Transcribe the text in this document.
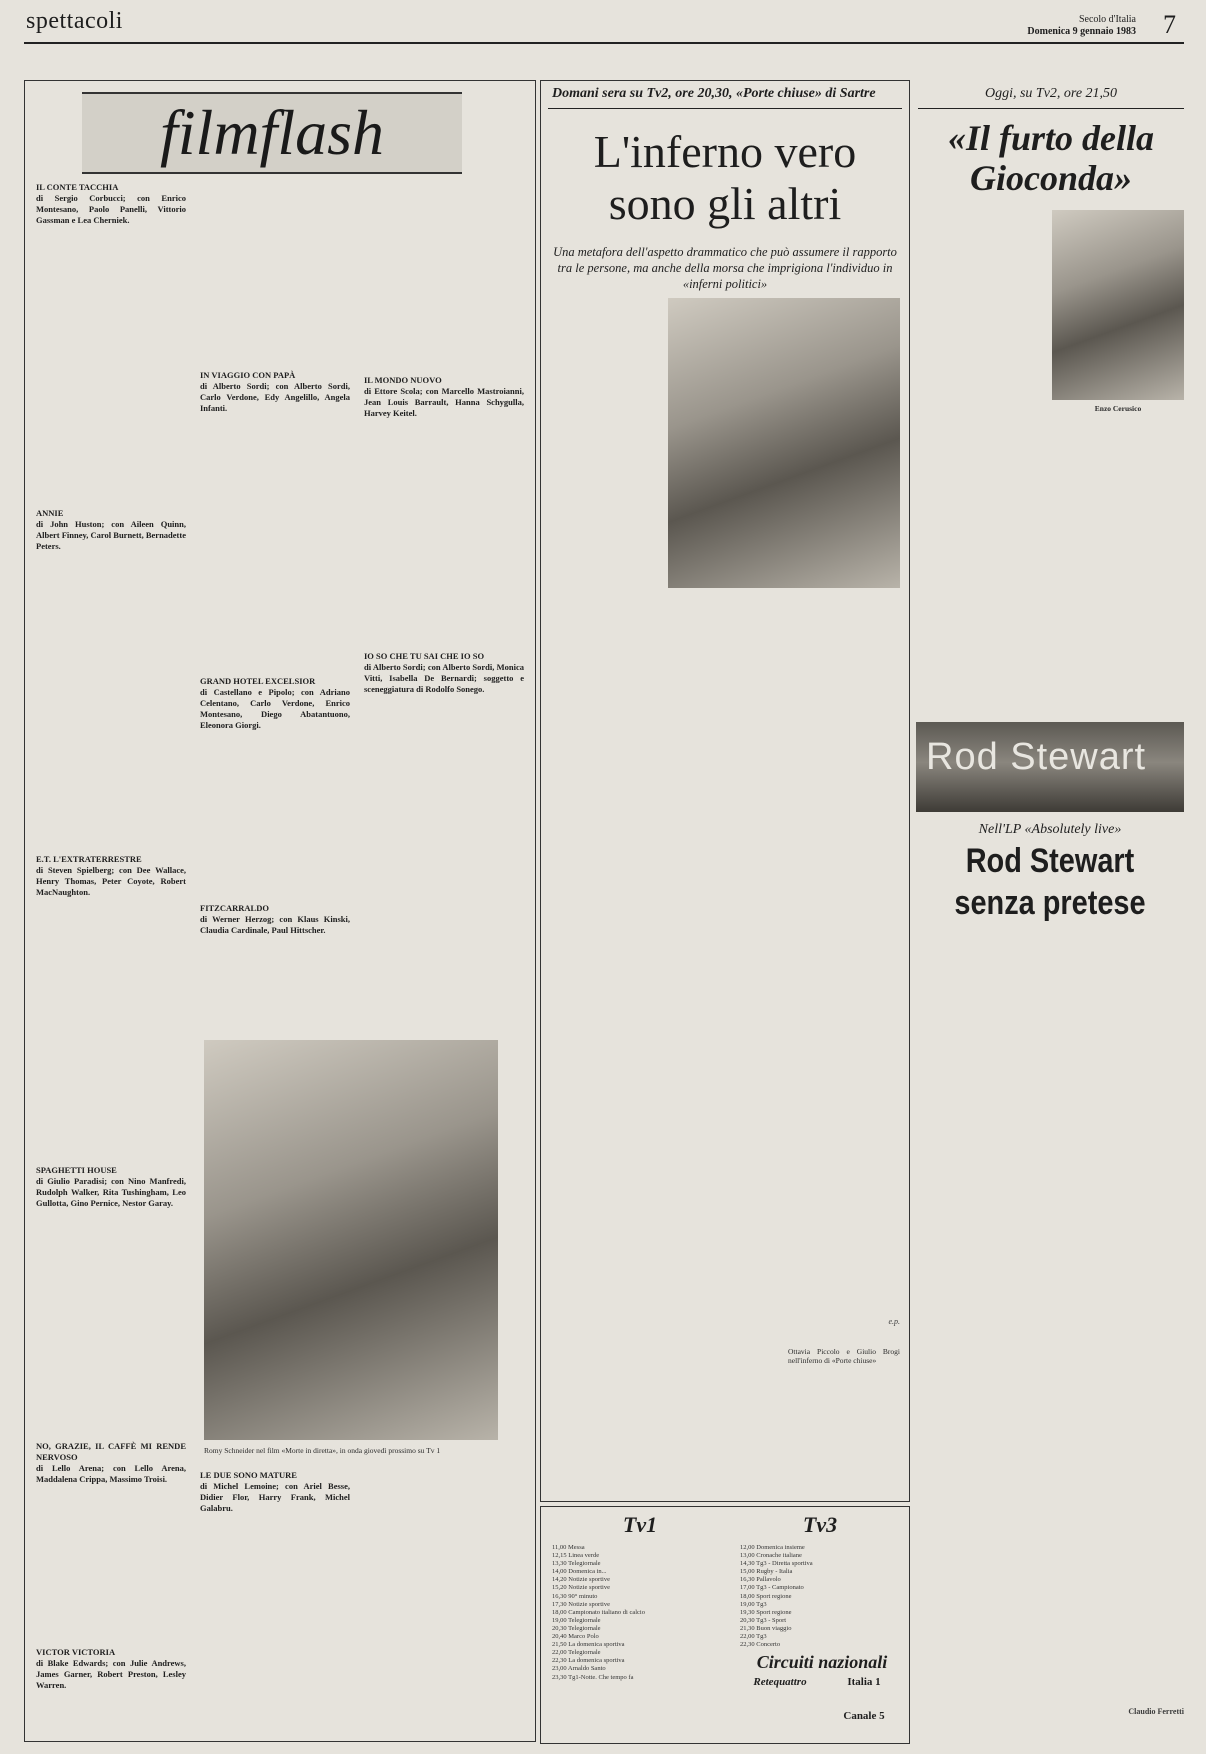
spettacoli	Secolo d'Italia
Domenica 9 gennaio 1983 7
filmflash

IL CONTE TACCHIA
di Sergio Corbucci; con Enrico Montesano, Paolo Panelli, Vittorio Gassman e Lea Cherniek.

ANNIE
di John Huston; con Aileen Quinn, Albert Finney, Carol Burnett, Bernadette Peters.

E.T. L'EXTRATERRESTRE
di Steven Spielberg; con Dee Wallace, Henry Thomas, Peter Coyote, Robert MacNaughton.

SPAGHETTI HOUSE
di Giulio Paradisi; con Nino Manfredi, Rudolph Walker, Rita Tushingham, Leo Gullotta, Gino Pernice, Nestor Garay.

NO, GRAZIE, IL CAFFÈ MI RENDE NERVOSO
di Lello Arena; con Lello Arena, Maddalena Crippa, Massimo Troisi.

VICTOR VICTORIA
di Blake Edwards; con Julie Andrews, James Garner, Robert Preston, Lesley Warren.

IN VIAGGIO CON PAPÀ
di Alberto Sordi; con Alberto Sordi, Carlo Verdone, Edy Angelillo, Angela Infanti.

GRAND HOTEL EXCELSIOR
di Castellano e Pipolo; con Adriano Celentano, Carlo Verdone, Enrico Montesano, Diego Abatantuono, Eleonora Giorgi.

FITZCARRALDO
di Werner Herzog; con Klaus Kinski, Claudia Cardinale, Paul Hittscher.

IL MONDO NUOVO
di Ettore Scola; con Marcello Mastroianni, Jean Louis Barrault, Hanna Schygulla, Harvey Keitel.

IO SO CHE TU SAI CHE IO SO
di Alberto Sordi; con Alberto Sordi, Monica Vitti, Isabella De Bernardi; soggetto e sceneggiatura di Rodolfo Sonego.

Romy Schneider nel film «Morte in diretta», in onda giovedì prossimo su Tv 1

LE DUE SONO MATURE
di Michel Lemoine; con Ariel Besse, Didier Flor, Harry Frank, Michel Galabru.

Domani sera su Tv2, ore 20,30, «Porte chiuse» di Sartre
L'inferno vero sono gli altri
Una metafora dell'aspetto drammatico che può assumere il rapporto tra le persone, ma anche della morsa che imprigiona l'individuo in «inferni politici»
e.p.
Ottavia Piccolo e Giulio Brogi nell'inferno di «Porte chiuse»
Oggi, su Tv2, ore 21,50
«Il furto della Gioconda»
Enzo Cerusico
Rod Stewart
Nell'LP «Absolutely live»
Rod Stewart senza pretese
Claudio Ferretti
Tv1	Tv3
11,00 Messa
12,15 Linea verde
13,30 Telegiornale
14,00 Domenica in...
14,20 Notizie sportive
15,20 Notizie sportive
16,30 90° minuto
17,30 Notizie sportive
18,00 Campionato italiano di calcio
19,00 Telegiornale
20,30 Telegiornale
20,40 Marco Polo
21,50 La domenica sportiva
22,00 Telegiornale
22,30 La domenica sportiva
23,00 Arnaldo Santo
23,30 Tg1-Notte. Che tempo fa
12,00 Domenica insieme
13,00 Cronache italiane
14,30 Tg3 - Diretta sportiva
15,00 Rugby - Italia
16,30 Pallavolo
17,00 Tg3 - Campionato
18,00 Sport regione
19,00 Tg3
19,30 Sport regione
20,30 Tg3 - Sport
21,30 Buon viaggio
22,00 Tg3
22,30 Concerto
Circuiti nazionali
Retequattro	Italia 1
Canale 5
